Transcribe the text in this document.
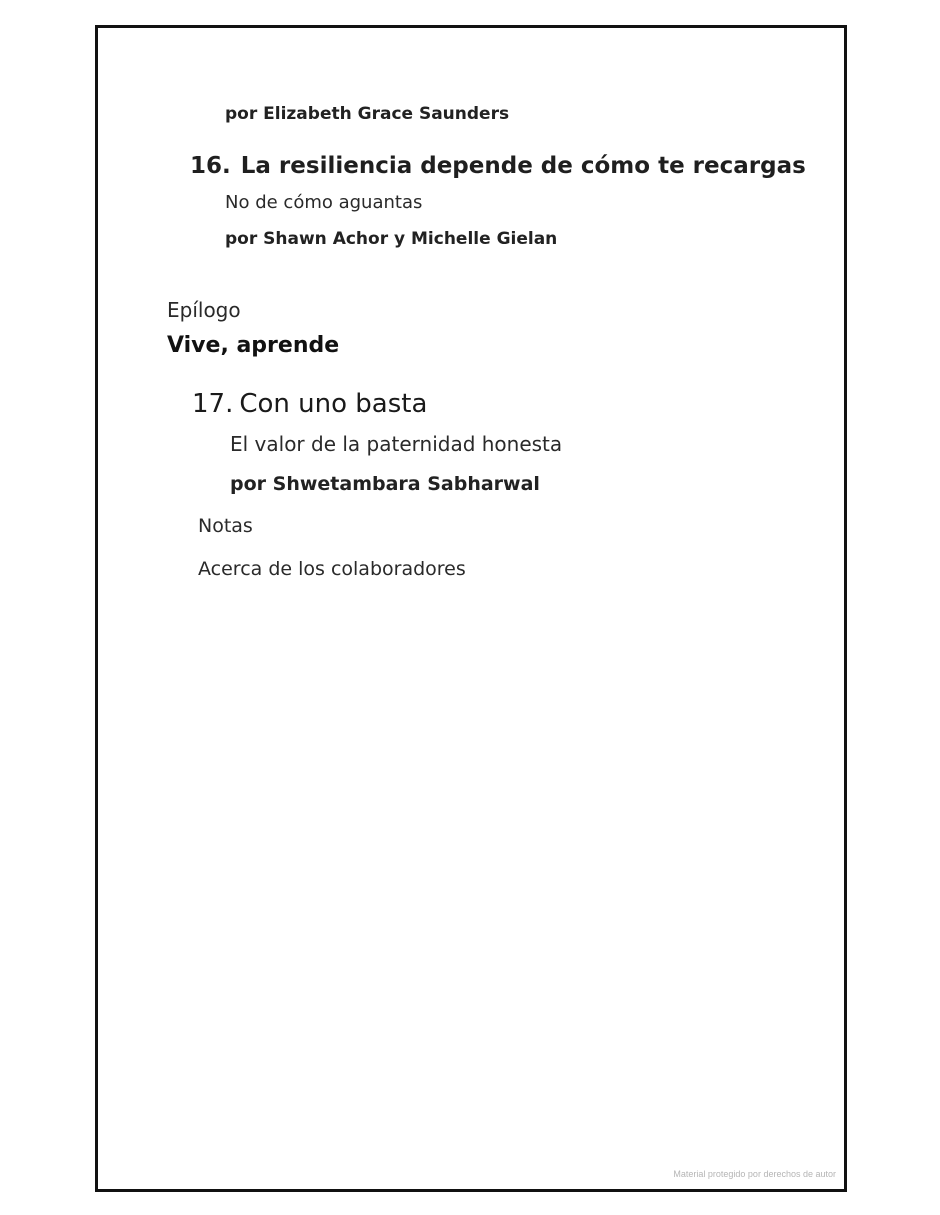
por Elizabeth Grace Saunders
16. La resiliencia depende de cómo te recargas
No de cómo aguantas
por Shawn Achor y Michelle Gielan
Epílogo
Vive, aprende
17. Con uno basta
El valor de la paternidad honesta
por Shwetambara Sabharwal
Notas
Acerca de los colaboradores
Material protegido por derechos de autor
